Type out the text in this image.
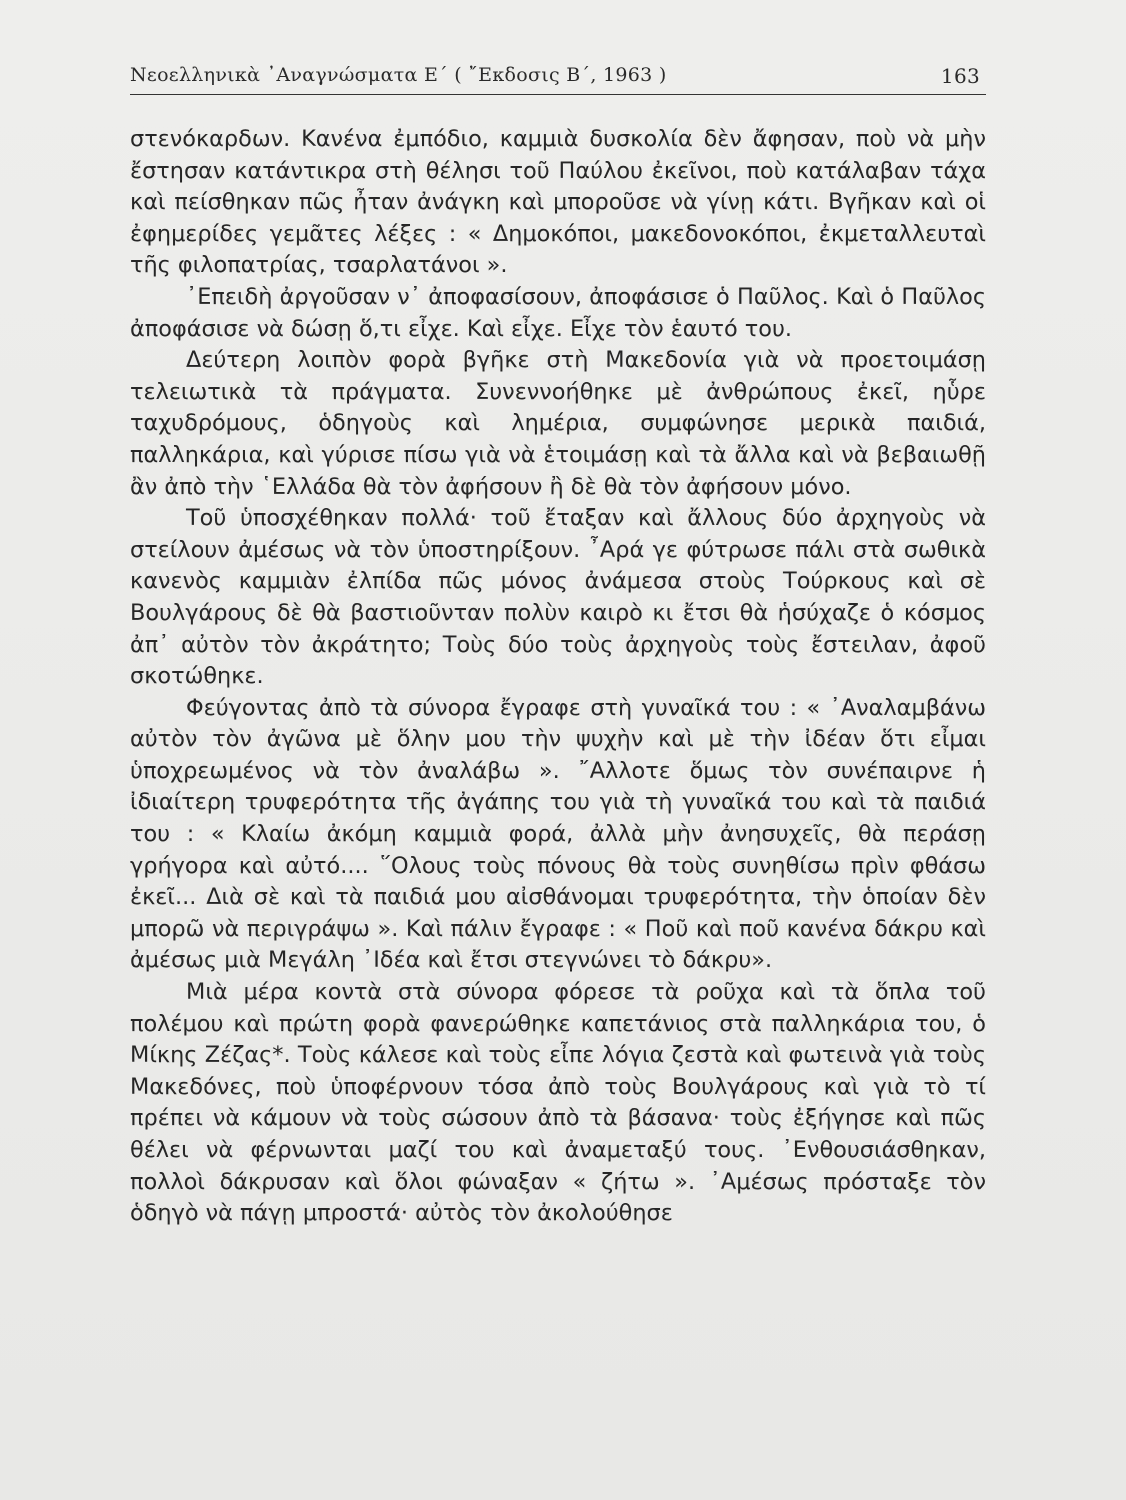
Νεοελληνικὰ ᾿Αναγνώσματα Ε΄ ( ῎Εκδοσις Β΄, 1963 )	163

στενόκαρδων. Κανένα ἐμπόδιο, καμμιὰ δυσκολία δὲν ἄφησαν, ποὺ νὰ μὴν ἔστησαν κατάντικρα στὴ θέλησι τοῦ Παύλου ἐκεῖνοι, ποὺ κατάλαβαν τάχα καὶ πείσθηκαν πῶς ἦταν ἀνάγκη καὶ μποροῦσε νὰ γίνῃ κάτι. Βγῆκαν καὶ οἱ ἐφημερίδες γεμᾶτες λέξες : « Δημοκόποι, μακεδονοκόποι, ἐκμεταλλευταὶ τῆς φιλοπατρίας, τσαρλατάνοι ».

᾿Επειδὴ ἀργοῦσαν ν᾿ ἀποφασίσουν, ἀποφάσισε ὁ Παῦλος. Καὶ ὁ Παῦλος ἀποφάσισε νὰ δώσῃ ὅ,τι εἶχε. Καὶ εἶχε. Εἶχε τὸν ἑαυτό του.

Δεύτερη λοιπὸν φορὰ βγῆκε στὴ Μακεδονία γιὰ νὰ προετοιμάσῃ τελειωτικὰ τὰ πράγματα. Συνεννοήθηκε μὲ ἀνθρώπους ἐκεῖ, ηὗρε ταχυδρόμους, ὁδηγοὺς καὶ λημέρια, συμφώνησε μερικὰ παιδιά, παλληκάρια, καὶ γύρισε πίσω γιὰ νὰ ἑτοιμάσῃ καὶ τὰ ἄλλα καὶ νὰ βεβαιωθῇ ἂν ἀπὸ τὴν ῾Ελλάδα θὰ τὸν ἀφήσουν ἢ δὲ θὰ τὸν ἀφήσουν μόνο.

Τοῦ ὑποσχέθηκαν πολλά· τοῦ ἔταξαν καὶ ἄλλους δύο ἀρχηγοὺς νὰ στείλουν ἀμέσως νὰ τὸν ὑποστηρίξουν. ῏Αρά γε φύτρωσε πάλι στὰ σωθικὰ κανενὸς καμμιὰν ἐλπίδα πῶς μόνος ἀνάμεσα στοὺς Τούρκους καὶ σὲ Βουλγάρους δὲ θὰ βαστιοῦνταν πολὺν καιρὸ κι ἔτσι θὰ ἡσύχαζε ὁ κόσμος ἀπ᾿ αὐτὸν τὸν ἀκράτητο; Τοὺς δύο τοὺς ἀρχηγοὺς τοὺς ἔστειλαν, ἀφοῦ σκοτώθηκε.

Φεύγοντας ἀπὸ τὰ σύνορα ἔγραφε στὴ γυναῖκά του : « ᾿Αναλαμβάνω αὐτὸν τὸν ἀγῶνα μὲ ὅλην μου τὴν ψυχὴν καὶ μὲ τὴν ἰδέαν ὅτι εἶμαι ὑποχρεωμένος νὰ τὸν ἀναλάβω ». ῎Αλλοτε ὅμως τὸν συνέπαιρνε ἡ ἰδιαίτερη τρυφερότητα τῆς ἀγάπης του γιὰ τὴ γυναῖκά του καὶ τὰ παιδιά του : « Κλαίω ἀκόμη καμμιὰ φορά, ἀλλὰ μὴν ἀνησυχεῖς, θὰ περάσῃ γρήγορα καὶ αὐτό.... ῞Ολους τοὺς πόνους θὰ τοὺς συνηθίσω πρὶν φθάσω ἐκεῖ... Διὰ σὲ καὶ τὰ παιδιά μου αἰσθάνομαι τρυφερότητα, τὴν ὁποίαν δὲν μπορῶ νὰ περιγράψω ». Καὶ πάλιν ἔγραφε : « Ποῦ καὶ ποῦ κανένα δάκρυ καὶ ἀμέσως μιὰ Μεγάλη ᾿Ιδέα καὶ ἔτσι στεγνώνει τὸ δάκρυ».

Μιὰ μέρα κοντὰ στὰ σύνορα φόρεσε τὰ ροῦχα καὶ τὰ ὅπλα τοῦ πολέμου καὶ πρώτη φορὰ φανερώθηκε καπετάνιος στὰ παλληκάρια του, ὁ Μίκης Ζέζας*. Τοὺς κάλεσε καὶ τοὺς εἶπε λόγια ζεστὰ καὶ φωτεινὰ γιὰ τοὺς Μακεδόνες, ποὺ ὑποφέρνουν τόσα ἀπὸ τοὺς Βουλγάρους καὶ γιὰ τὸ τί πρέπει νὰ κάμουν νὰ τοὺς σώσουν ἀπὸ τὰ βάσανα· τοὺς ἐξήγησε καὶ πῶς θέλει νὰ φέρνωνται μαζί του καὶ ἀναμεταξύ τους. ᾿Ενθουσιάσθηκαν, πολλοὶ δάκρυσαν καὶ ὅλοι φώναξαν « ζήτω ». ᾿Αμέσως πρόσταξε τὸν ὁδηγὸ νὰ πάγῃ μπροστά· αὐτὸς τὸν ἀκολούθησε
